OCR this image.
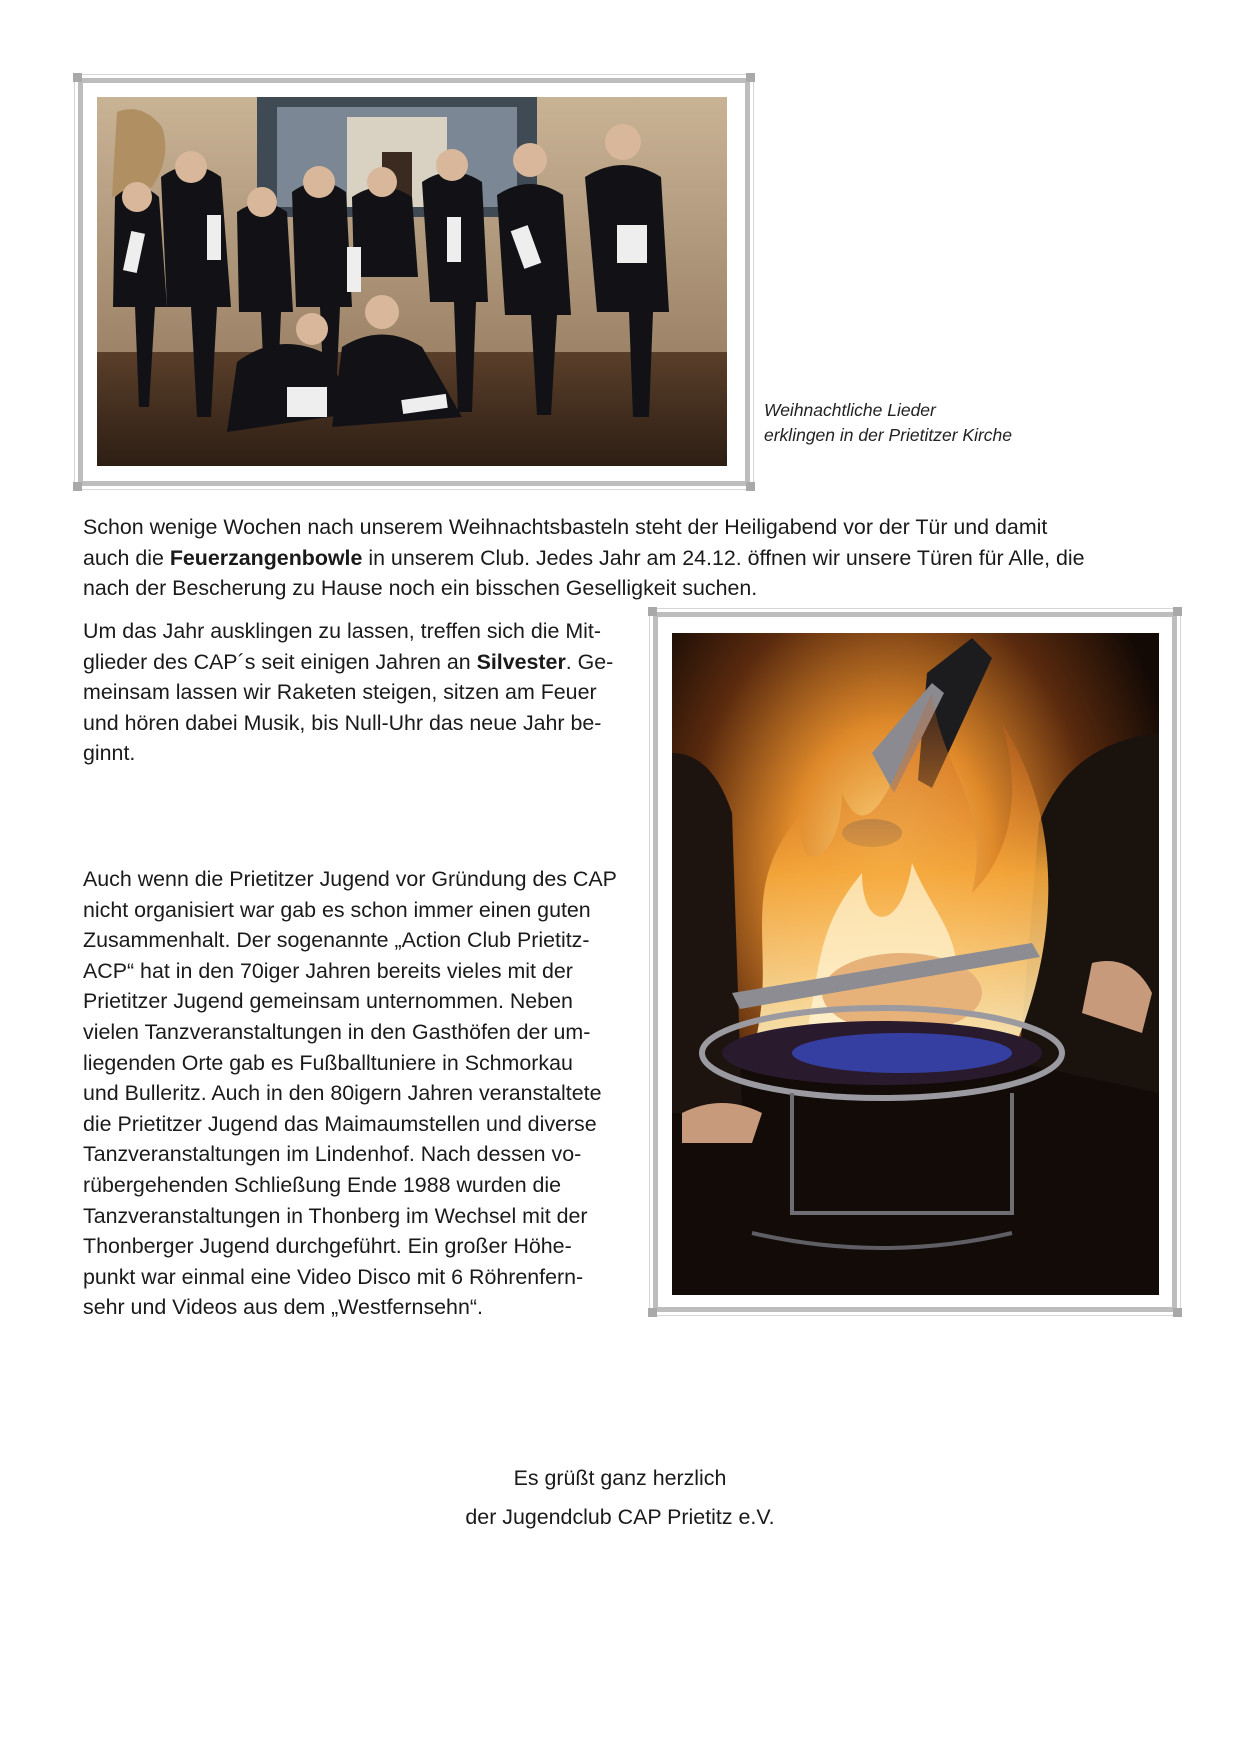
Weihnachtliche Lieder
erklingen in der Prietitzer Kirche
Schon wenige Wochen nach unserem Weihnachtsbasteln steht der Heiligabend vor der Tür und damit
auch die Feuerzangenbowle in unserem Club. Jedes Jahr am 24.12. öffnen wir unsere Türen für Alle, die
nach der Bescherung zu Hause noch ein bisschen Geselligkeit suchen.
Um das Jahr ausklingen zu lassen, treffen sich die Mit-
glieder des CAP´s seit einigen Jahren an Silvester. Ge-
meinsam lassen wir Raketen steigen, sitzen am Feuer
und hören dabei Musik, bis Null-Uhr das neue Jahr be-
ginnt.
Auch wenn die Prietitzer Jugend vor Gründung des CAP
nicht organisiert war gab es schon immer einen guten
Zusammenhalt. Der sogenannte „Action Club Prietitz-
ACP“ hat in den 70iger Jahren bereits vieles mit der
Prietitzer Jugend gemeinsam unternommen. Neben
vielen Tanzveranstaltungen in den Gasthöfen der um-
liegenden Orte gab es Fußballtuniere in Schmorkau
und Bulleritz. Auch in den 80igern Jahren veranstaltete
die Prietitzer Jugend das Maimaumstellen und diverse
Tanzveranstaltungen im Lindenhof. Nach dessen vo-
rübergehenden Schließung Ende 1988 wurden die
Tanzveranstaltungen in Thonberg im Wechsel mit der
Thonberger Jugend durchgeführt. Ein großer Höhe-
punkt war einmal eine Video Disco mit 6 Röhrenfern-
sehr und Videos aus dem „Westfernsehn“.
Es grüßt ganz herzlich
der Jugendclub CAP Prietitz e.V.
